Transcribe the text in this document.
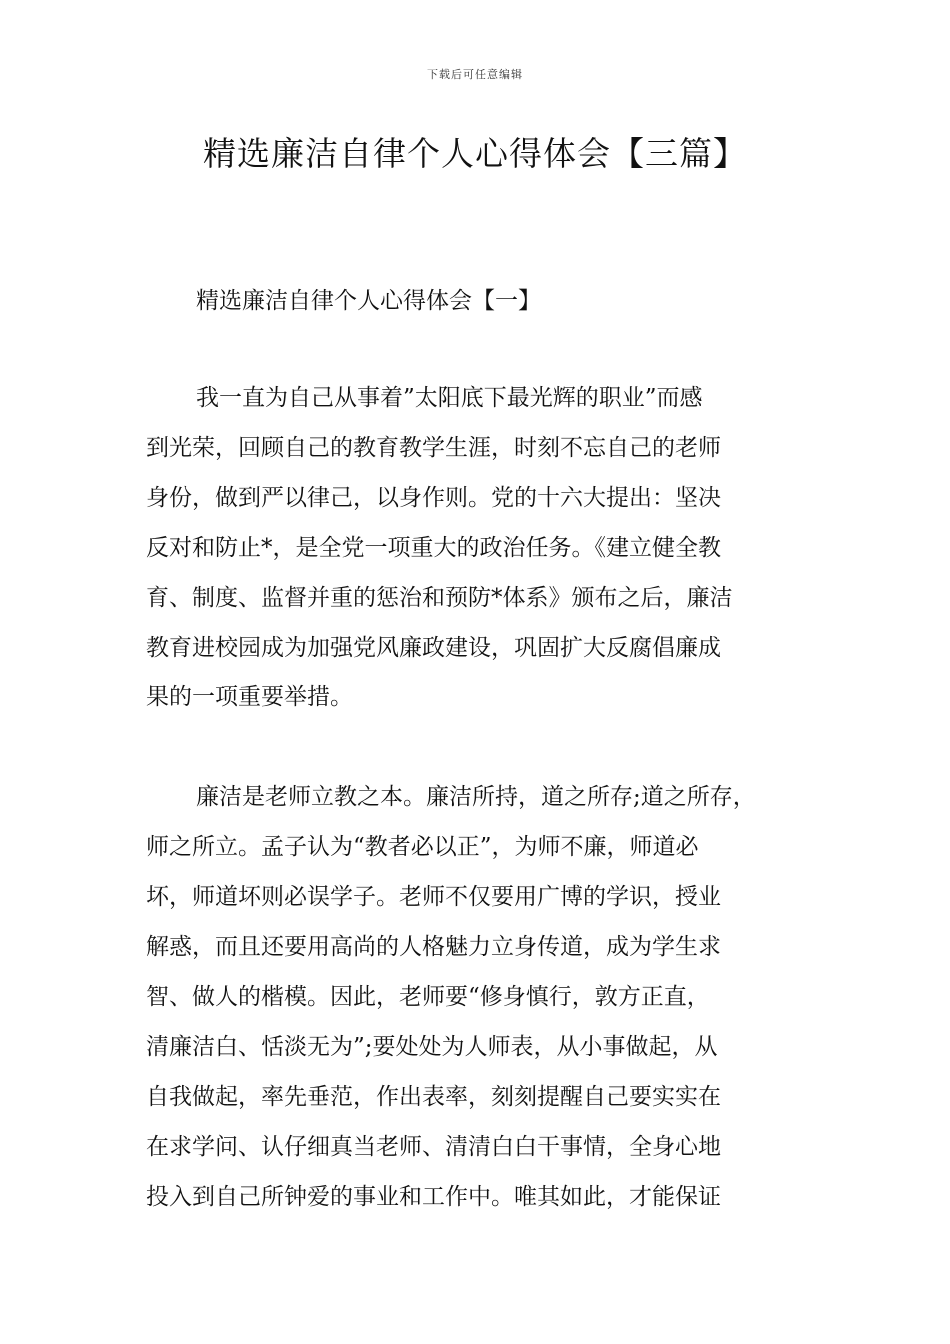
下载后可任意编辑
精选廉洁自律个人心得体会【三篇】
精选廉洁自律个人心得体会【一】
我一直为自己从事着”太阳底下最光辉的职业”而感
到光荣，回顾自己的教育教学生涯，时刻不忘自己的老师
身份，做到严以律己，以身作则。党的十六大提出：坚决
反对和防止*，是全党一项重大的政治任务。《建立健全教
育、制度、监督并重的惩治和预防*体系》颁布之后，廉洁
教育进校园成为加强党风廉政建设，巩固扩大反腐倡廉成
果的一项重要举措。
廉洁是老师立教之本。廉洁所持，道之所存;道之所存，
师之所立。孟子认为“教者必以正”，为师不廉，师道必
坏，师道坏则必误学子。老师不仅要用广博的学识，授业
解惑，而且还要用高尚的人格魅力立身传道，成为学生求
智、做人的楷模。因此，老师要“修身慎行，敦方正直，
清廉洁白、恬淡无为”;要处处为人师表，从小事做起，从
自我做起，率先垂范，作出表率，刻刻提醒自己要实实在
在求学问、认仔细真当老师、清清白白干事情，全身心地
投入到自己所钟爱的事业和工作中。唯其如此，才能保证
